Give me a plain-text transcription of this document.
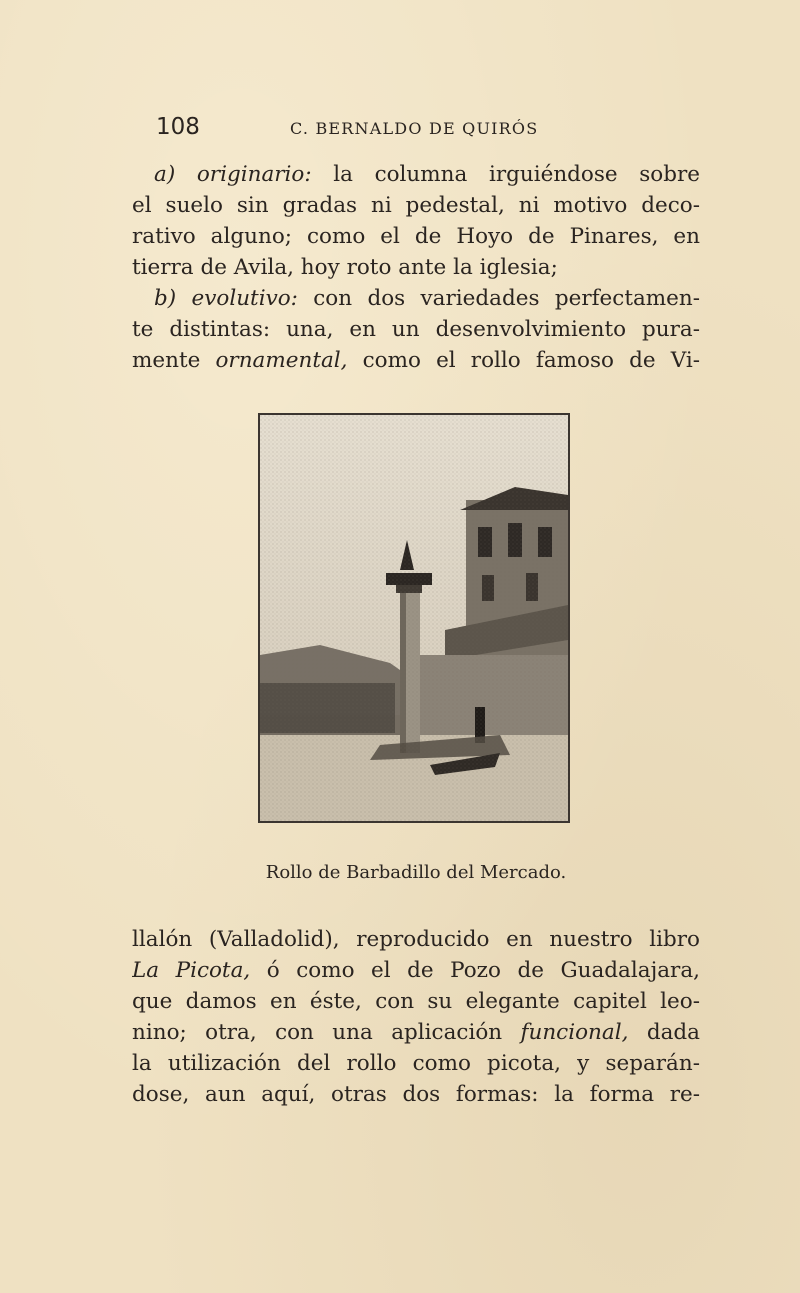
108	C. BERNALDO DE QUIRÓS

a) originario: la columna irguiéndose sobre
el suelo sin gradas ni pedestal, ni motivo deco-
rativo alguno; como el de Hoyo de Pinares, en
tierra de Avila, hoy roto ante la iglesia;
b) evolutivo: con dos variedades perfectamen-
te distintas: una, en un desenvolvimiento pura-
mente ornamental, como el rollo famoso de Vi-

Rollo de Barbadillo del Mercado.

llalón (Valladolid), reproducido en nuestro libro
La Picota, ó como el de Pozo de Guadalajara,
que damos en éste, con su elegante capitel leo-
nino; otra, con una aplicación funcional, dada
la utilización del rollo como picota, y separán-
dose, aun aquí, otras dos formas: la forma re-
